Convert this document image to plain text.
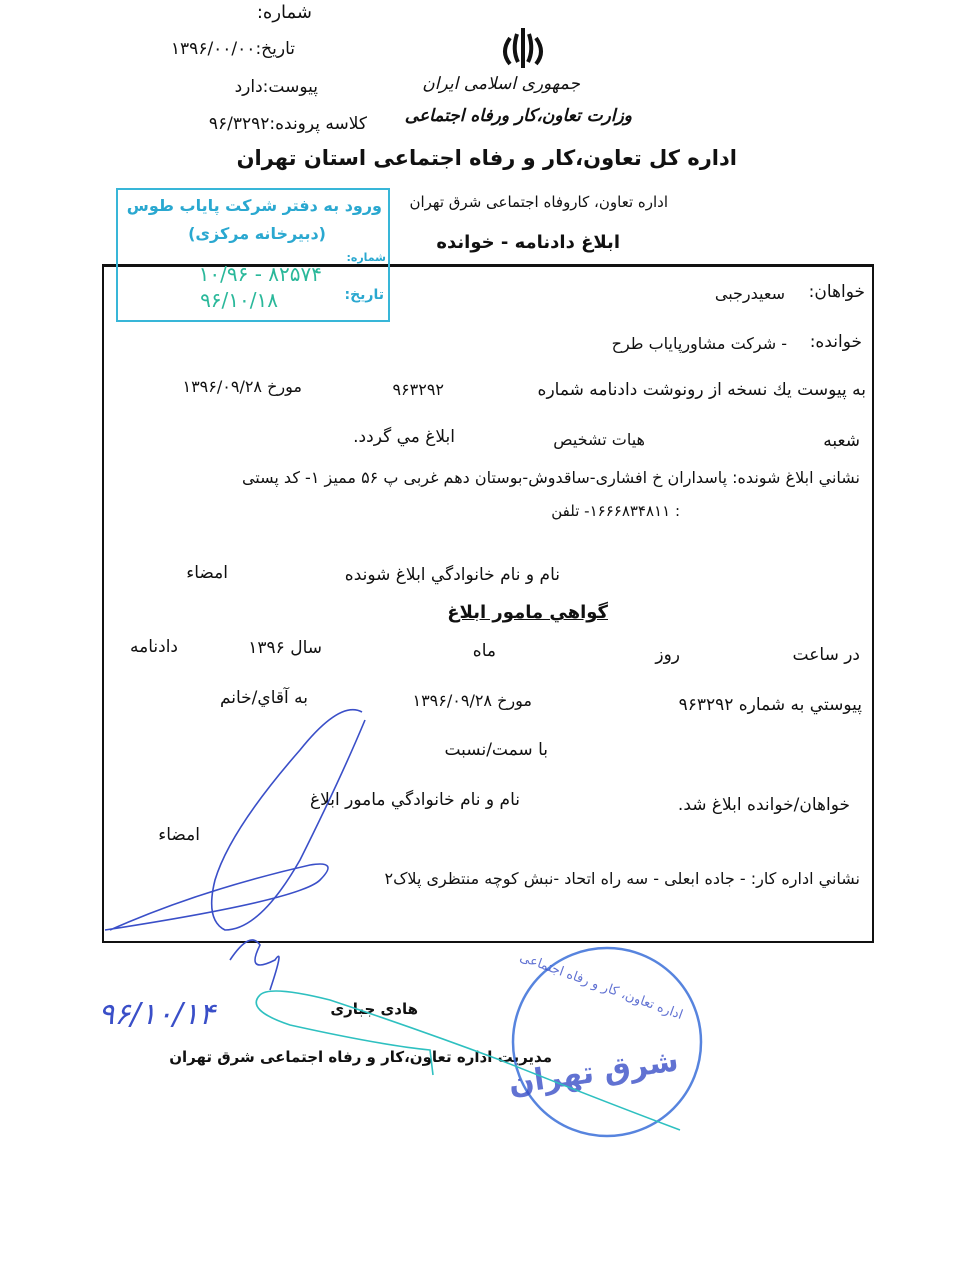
شماره:
تاریخ:۱۳۹۶/۰۰/۰۰
پیوست:دارد
کلاسه پرونده:۹۶/۳۲۹۲
جمهوری اسلامی ایران
وزارت تعاون،کار ورفاه اجتماعی
اداره کل تعاون،کار و رفاه اجتماعی استان تهران
اداره تعاون، کاروفاه اجتماعی شرق تهران
ابلاغ دادنامه - خوانده
خواهان:
سعیدرجبی
خوانده:
- شرکت مشاورپایاب طرح
به پیوست يك نسخه از رونوشت دادنامه شماره
۹۶۳۲۹۲
مورخ ۱۳۹۶/۰۹/۲۸
شعبه
هیات تشخیص
ابلاغ مي گردد.
نشاني ابلاغ شونده: پاسداران خ افشاری-ساقدوش-بوستان دهم غربی پ ۵۶ ممیز ۱- کد پستی
: ۱۶۶۶۸۳۴۸۱۱- تلفن
نام و نام خانوادگي ابلاغ شونده
امضاء
گواهي مامور ابلاغ
در ساعت
روز
ماه
سال ۱۳۹۶
دادنامه
پيوستي به شماره ۹۶۳۲۹۲
مورخ ۱۳۹۶/۰۹/۲۸
به آقاي/خانم
با سمت/نسبت
خواهان/خوانده ابلاغ شد.
نام و نام خانوادگي مامور ابلاغ
امضاء
نشاني اداره کار: - جاده ابعلی - سه راه اتحاد -نبش کوچه منتظری پلاک۲
هادی جباری
مدیریت اداره تعاون،کار و رفاه اجتماعی شرق تهران
ورود به دفتر شرکت پایاب طوس
(دبیرخانه مرکزی)
شماره:
۸۲۵۷۴ - ۱۰/۹۶
تاریخ:
۹۶/۱۰/۱۸
اداره تعاون، کار و رفاه اجتماعی
شرق تهران
۹۶/۱۰/۱۴
